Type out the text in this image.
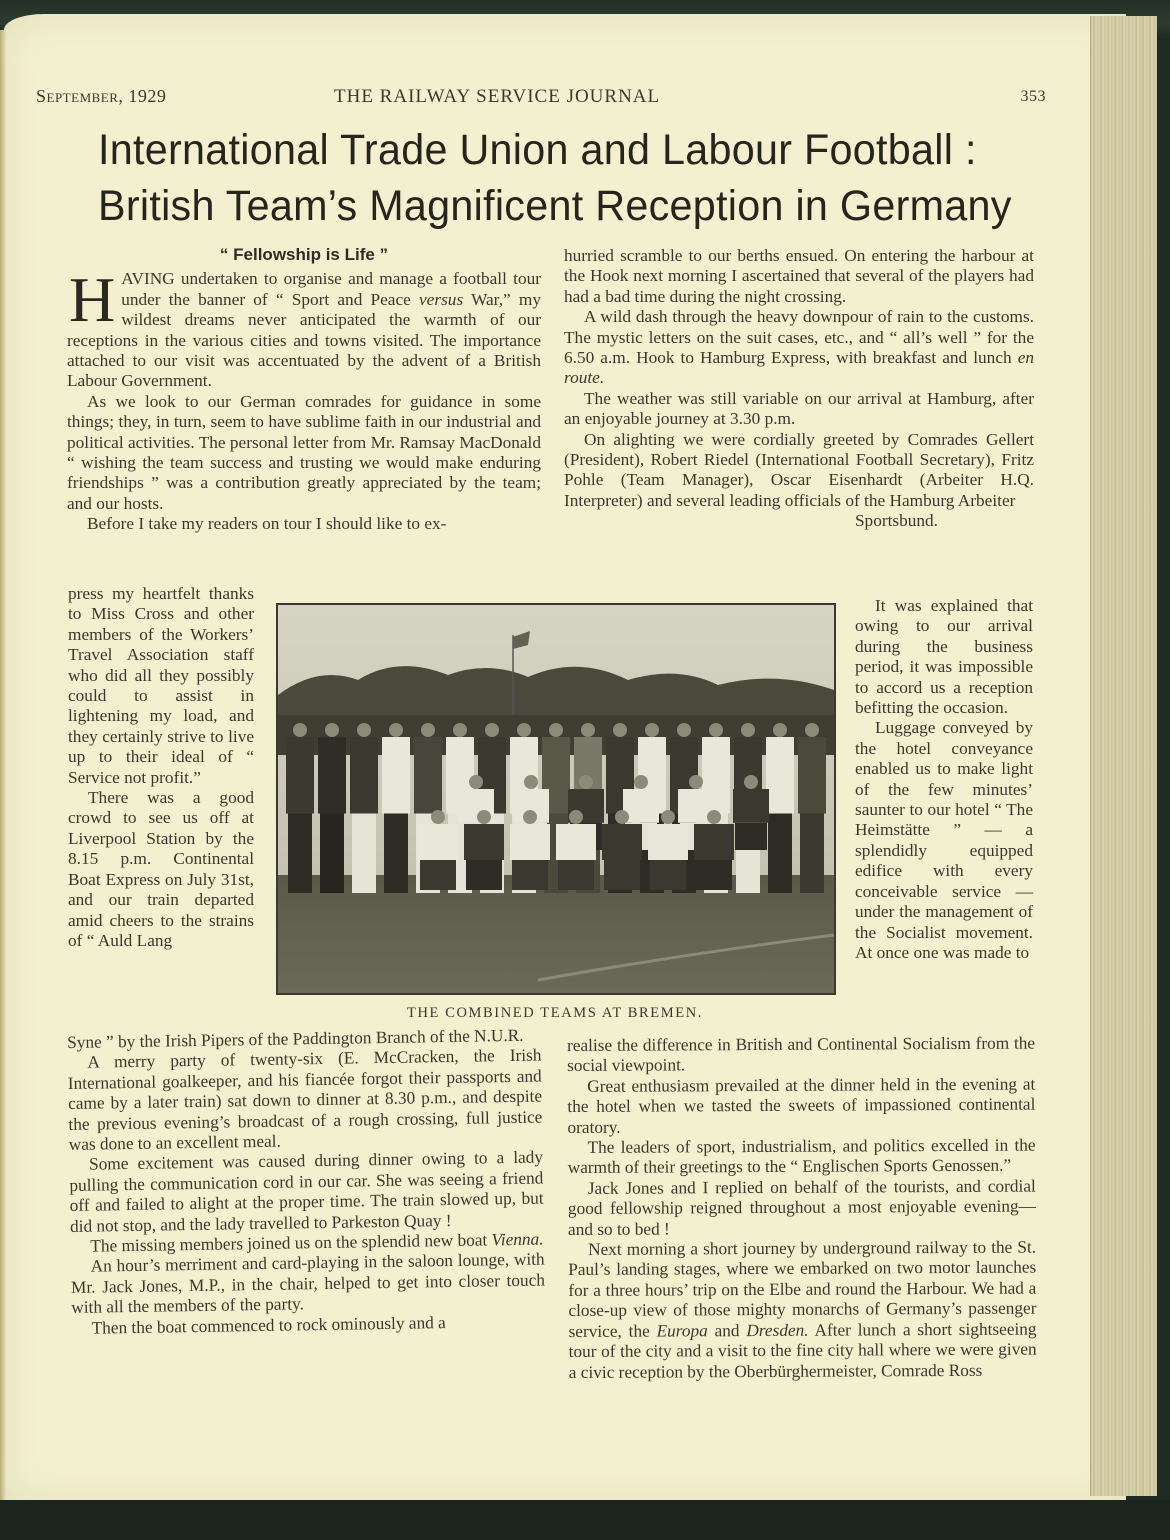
September, 1929	THE RAILWAY SERVICE JOURNAL	353
International Trade Union and Labour Football :
British Team’s Magnificent Reception in Germany
“ Fellowship is Life ”

HAVING undertaken to organise and manage a football tour under the banner of “ Sport and Peace versus War,” my wildest dreams never anticipated the warmth of our receptions in the various cities and towns visited. The importance attached to our visit was accentuated by the advent of a British Labour Government.

As we look to our German comrades for guidance in some things; they, in turn, seem to have sublime faith in our industrial and political activities. The personal letter from Mr. Ramsay MacDonald “ wishing the team success and trusting we would make enduring friendships ” was a contribution greatly appreciated by the team; and our hosts.

Before I take my readers on tour I should like to ex-

press my heartfelt thanks to Miss Cross and other members of the Workers’ Travel Association staff who did all they possibly could to assist in lightening my load, and they certainly strive to live up to their ideal of “ Service not profit.”

There was a good crowd to see us off at Liverpool Station by the 8.15 p.m. Continental Boat Express on July 31st, and our train departed amid cheers to the strains of “ Auld Lang

THE COMBINED TEAMS AT BREMEN.

hurried scramble to our berths ensued. On entering the harbour at the Hook next morning I ascertained that several of the players had had a bad time during the night crossing.

A wild dash through the heavy downpour of rain to the customs. The mystic letters on the suit cases, etc., and “ all’s well ” for the 6.50 a.m. Hook to Hamburg Express, with breakfast and lunch en route.

The weather was still variable on our arrival at Hamburg, after an enjoyable journey at 3.30 p.m.

On alighting we were cordially greeted by Comrades Gellert (President), Robert Riedel (International Football Secretary), Fritz Pohle (Team Manager), Oscar Eisenhardt (Arbeiter H.Q. Interpreter) and several leading officials of the Hamburg Arbeiter

Sportsbund.

It was explained that owing to our arrival during the business period, it was impossible to accord us a reception befitting the occasion.

Luggage conveyed by the hotel conveyance enabled us to make light of the few minutes’ saunter to our hotel “ The Heimstätte ” — a splendidly equipped edifice with every conceivable service —under the management of the Socialist movement. At once one was made to

Syne ” by the Irish Pipers of the Paddington Branch of the N.U.R.

A merry party of twenty-six (E. McCracken, the Irish International goalkeeper, and his fiancée forgot their passports and came by a later train) sat down to dinner at 8.30 p.m., and despite the previous evening’s broadcast of a rough crossing, full justice was done to an excellent meal.

Some excitement was caused during dinner owing to a lady pulling the communication cord in our car. She was seeing a friend off and failed to alight at the proper time. The train slowed up, but did not stop, and the lady travelled to Parkeston Quay !

The missing members joined us on the splendid new boat Vienna.

An hour’s merriment and card-playing in the saloon lounge, with Mr. Jack Jones, M.P., in the chair, helped to get into closer touch with all the members of the party.

Then the boat commenced to rock ominously and a

realise the difference in British and Continental Socialism from the social viewpoint.

Great enthusiasm prevailed at the dinner held in the evening at the hotel when we tasted the sweets of impassioned continental oratory.

The leaders of sport, industrialism, and politics excelled in the warmth of their greetings to the “ Englischen Sports Genossen.”

Jack Jones and I replied on behalf of the tourists, and cordial good fellowship reigned throughout a most enjoyable evening—and so to bed !

Next morning a short journey by underground railway to the St. Paul’s landing stages, where we embarked on two motor launches for a three hours’ trip on the Elbe and round the Harbour. We had a close-up view of those mighty monarchs of Germany’s passenger service, the Europa and Dresden. After lunch a short sightseeing tour of the city and a visit to the fine city hall where we were given a civic reception by the Oberbürghermeister, Comrade Ross
